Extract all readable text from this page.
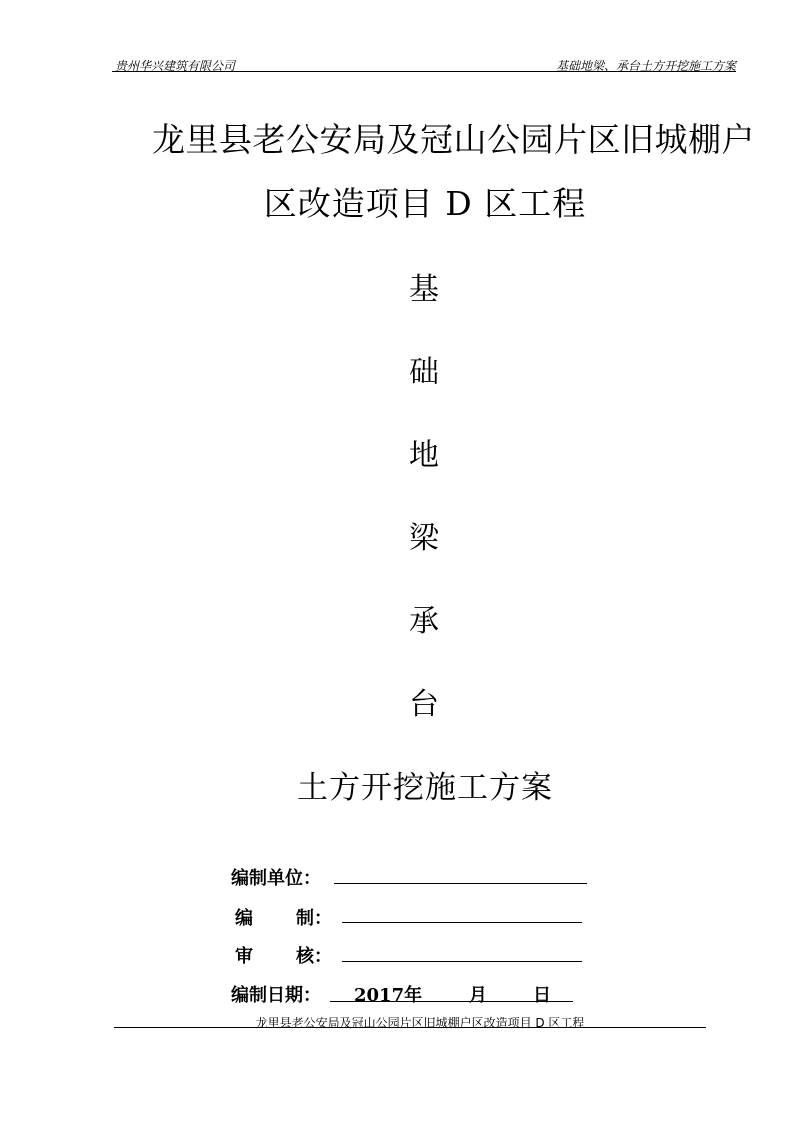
贵州华兴建筑有限公司	基础地梁、承台土方开挖施工方案
龙里县老公安局及冠山公园片区旧城棚户
区改造项目 D 区工程
基
础
地
梁
承
台
土方开挖施工方案
编制单位：
编 制：
审 核：
编制日期： 2017年	月	日
龙里县老公安局及冠山公园片区旧城棚户区改造项目 D 区工程
